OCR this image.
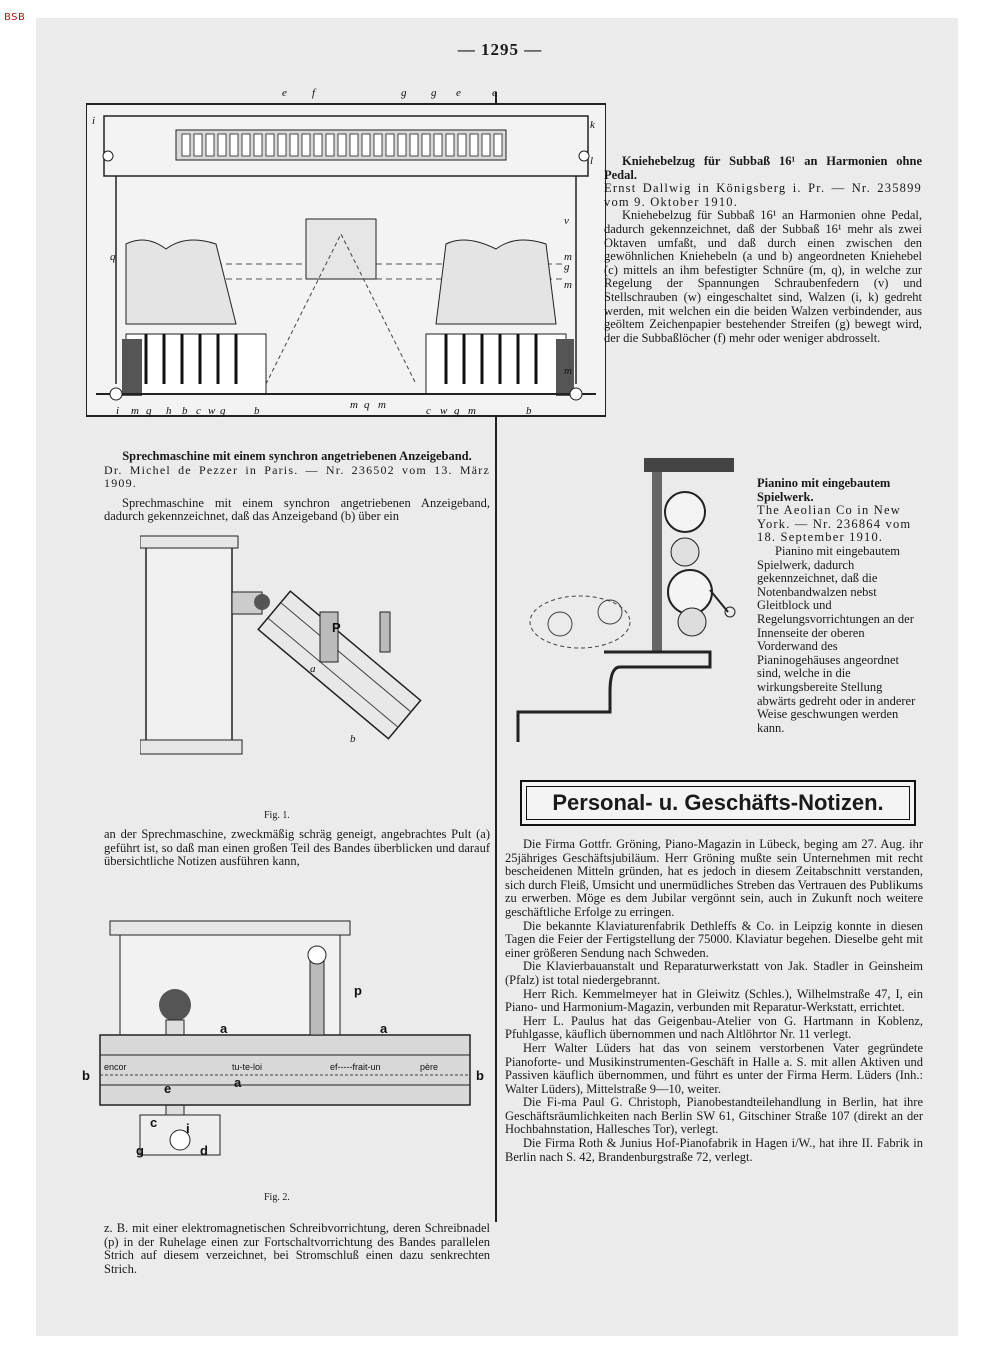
BSB
— 1295 —
e f	g g e	e
i	k
l
v
q
g
m
h
i m q
m
m
b c w g	b	m q m	c w g m	b

Sprechmaschine mit einem synchron angetriebenen Anzeigeband.

Dr. Michel de Pezzer in Paris. — Nr. 236502 vom 13. März 1909.

Sprechmaschine mit einem synchron angetriebenen Anzeigeband, dadurch gekennzeichnet, daß das Anzeigeband (b) über ein

P
a
b
Fig. 1.

an der Sprechmaschine, zweckmäßig schräg geneigt, angebrachtes Pult (a) geführt ist, so daß man einen großen Teil des Bandes überblicken und darauf übersichtliche Notizen ausführen kann,

encor	tu-te-loi	ef-----frait-un	père
a	a
p
a
b	b
e
c
d
i
g
Fig. 2.

z. B. mit einer elektromagnetischen Schreibvorrichtung, deren Schreibnadel (p) in der Ruhelage einen zur Fortschaltvorrichtung des Bandes parallelen Strich auf diesem verzeichnet, bei Stromschluß einen dazu senkrechten Strich.

Kniehebelzug für Subbaß 16¹ an Harmonien ohne Pedal.

Ernst Dallwig in Königsberg i. Pr. — Nr. 235899 vom 9. Oktober 1910.

Kniehebelzug für Subbaß 16¹ an Harmonien ohne Pedal, dadurch gekennzeichnet, daß der Subbaß 16¹ mehr als zwei Oktaven umfaßt, und daß durch einen zwischen den gewöhnlichen Kniehebeln (a und b) angeordneten Kniehebel (c) mittels an ihm befestigter Schnüre (m, q), in welche zur Regelung der Spannungen Schraubenfedern (v) und Stellschrauben (w) eingeschaltet sind, Walzen (i, k) gedreht werden, mit welchen ein die beiden Walzen verbindender, aus geöltem Zeichenpapier bestehender Streifen (g) bewegt wird, der die Subbaßlöcher (f) mehr oder weniger abdrosselt.

Pianino mit eingebautem Spielwerk.

The Aeolian Co in New York. — Nr. 236864 vom 18. September 1910.

Pianino mit eingebautem Spielwerk, dadurch gekennzeichnet, daß die Notenbandwalzen nebst Gleitblock und Regelungsvorrichtungen an der Innenseite der oberen Vorderwand des Pianinogehäuses angeordnet sind, welche in die wirkungsbereite Stellung abwärts gedreht oder in anderer Weise geschwungen werden kann.

Personal- u. Geschäfts-Notizen.

Die Firma Gottfr. Gröning, Piano-Magazin in Lübeck, beging am 27. Aug. ihr 25jähriges Geschäftsjubiläum. Herr Gröning mußte sein Unternehmen mit recht bescheidenen Mitteln gründen, hat es jedoch in diesem Zeitabschnitt verstanden, sich durch Fleiß, Umsicht und unermüdliches Streben das Vertrauen des Publikums zu erwerben. Möge es dem Jubilar vergönnt sein, auch in Zukunft noch weitere geschäftliche Erfolge zu erringen.

Die bekannte Klaviaturenfabrik Dethleffs & Co. in Leipzig konnte in diesen Tagen die Feier der Fertigstellung der 75000. Klaviatur begehen. Dieselbe geht mit einer größeren Sendung nach Schweden.

Die Klavierbauanstalt und Reparaturwerkstatt von Jak. Stadler in Geinsheim (Pfalz) ist total niedergebrannt.

Herr Rich. Kemmelmeyer hat in Gleiwitz (Schles.), Wilhelmstraße 47, I, ein Piano- und Harmonium-Magazin, verbunden mit Reparatur-Werkstatt, errichtet.

Herr L. Paulus hat das Geigenbau-Atelier von G. Hartmann in Koblenz, Pfuhlgasse, käuflich übernommen und nach Altlöhrtor Nr. 11 verlegt.

Herr Walter Lüders hat das von seinem verstorbenen Vater gegründete Pianoforte- und Musikinstrumenten-Geschäft in Halle a. S. mit allen Aktiven und Passiven käuflich übernommen, und führt es unter der Firma Herm. Lüders (Inh.: Walter Lüders), Mittelstraße 9—10, weiter.

Die Fi-ma Paul G. Christoph, Pianobestandteilehandlung in Berlin, hat ihre Geschäftsräumlichkeiten nach Berlin SW 61, Gitschiner Straße 107 (direkt an der Hochbahnstation, Hallesches Tor), verlegt.

Die Firma Roth & Junius Hof-Pianofabrik in Hagen i/W., hat ihre II. Fabrik in Berlin nach S. 42, Brandenburgstraße 72, verlegt.
